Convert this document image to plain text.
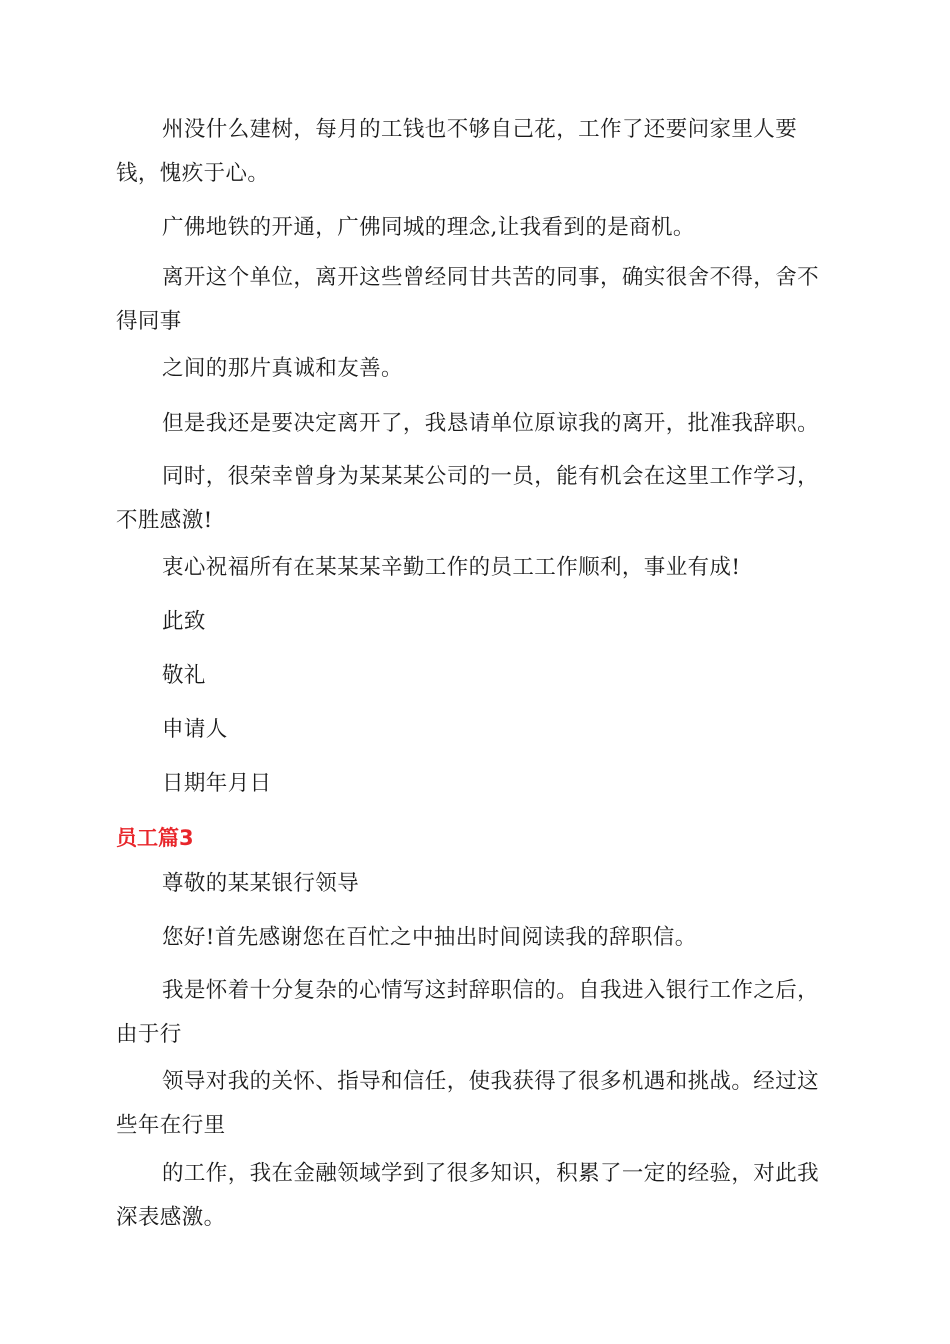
州没什么建树，每月的工钱也不够自己花，工作了还要问家里人要钱，愧疚于心。

广佛地铁的开通，广佛同城的理念,让我看到的是商机。

离开这个单位，离开这些曾经同甘共苦的同事，确实很舍不得，舍不得同事

之间的那片真诚和友善。

但是我还是要决定离开了，我恳请单位原谅我的离开，批准我辞职。

同时，很荣幸曾身为某某某公司的一员，能有机会在这里工作学习，不胜感激!

衷心祝福所有在某某某辛勤工作的员工工作顺利，事业有成!

此致

敬礼

申请人

日期年月日

员工篇3

尊敬的某某银行领导

您好!首先感谢您在百忙之中抽出时间阅读我的辞职信。

我是怀着十分复杂的心情写这封辞职信的。自我进入银行工作之后，由于行

领导对我的关怀、指导和信任，使我获得了很多机遇和挑战。经过这些年在行里

的工作，我在金融领域学到了很多知识，积累了一定的经验，对此我深表感激。
